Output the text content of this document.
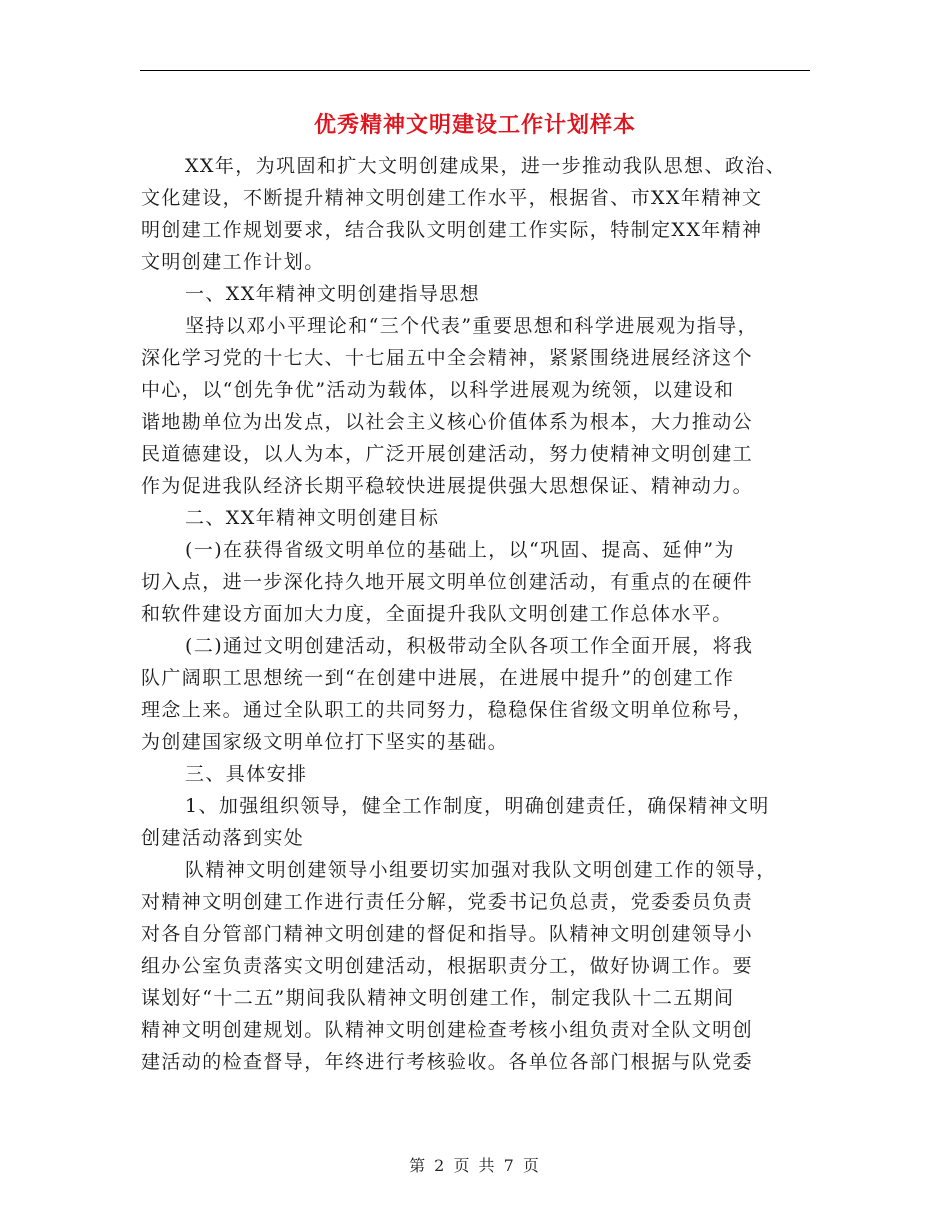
优秀精神文明建设工作计划样本
XX年，为巩固和扩大文明创建成果，进一步推动我队思想、政治、
文化建设，不断提升精神文明创建工作水平，根据省、市XX年精神文
明创建工作规划要求，结合我队文明创建工作实际，特制定XX年精神
文明创建工作计划。
一、XX年精神文明创建指导思想
坚持以邓小平理论和“三个代表”重要思想和科学进展观为指导，
深化学习党的十七大、十七届五中全会精神，紧紧围绕进展经济这个
中心，以“创先争优”活动为载体，以科学进展观为统领，以建设和
谐地勘单位为出发点，以社会主义核心价值体系为根本，大力推动公
民道德建设，以人为本，广泛开展创建活动，努力使精神文明创建工
作为促进我队经济长期平稳较快进展提供强大思想保证、精神动力。
二、XX年精神文明创建目标
(一)在获得省级文明单位的基础上，以“巩固、提高、延伸”为
切入点，进一步深化持久地开展文明单位创建活动，有重点的在硬件
和软件建设方面加大力度，全面提升我队文明创建工作总体水平。
(二)通过文明创建活动，积极带动全队各项工作全面开展，将我
队广阔职工思想统一到“在创建中进展，在进展中提升”的创建工作
理念上来。通过全队职工的共同努力，稳稳保住省级文明单位称号，
为创建国家级文明单位打下坚实的基础。
三、具体安排
1、加强组织领导，健全工作制度，明确创建责任，确保精神文明
创建活动落到实处
队精神文明创建领导小组要切实加强对我队文明创建工作的领导，
对精神文明创建工作进行责任分解，党委书记负总责，党委委员负责
对各自分管部门精神文明创建的督促和指导。队精神文明创建领导小
组办公室负责落实文明创建活动，根据职责分工，做好协调工作。要
谋划好“十二五”期间我队精神文明创建工作，制定我队十二五期间
精神文明创建规划。队精神文明创建检查考核小组负责对全队文明创
建活动的检查督导，年终进行考核验收。各单位各部门根据与队党委
第 2 页 共 7 页
